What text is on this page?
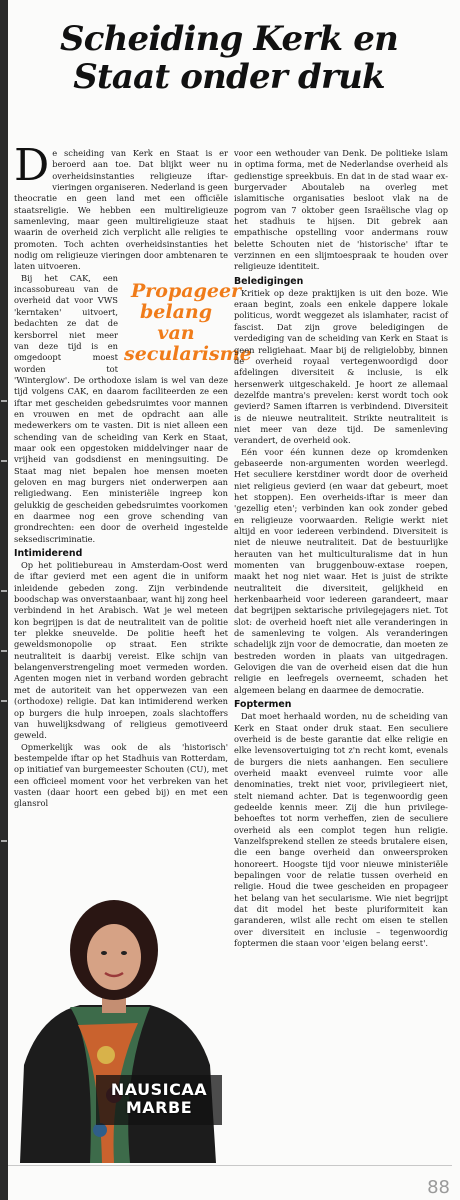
Scheiding Kerk en
Staat onder druk

De scheiding van Kerk en Staat is er beroerd aan toe. Dat blijkt weer nu overheidsinstanties religieuze iftar-vieringen organiseren. Nederland is geen theocratie en geen land met een officiële staatsreligie. We hebben een multireligieuze samenleving, maar geen multireligieuze staat waarin de overheid zich verplicht alle religies te promoten. Toch achten overheidsinstanties het nodig om religieuze vieringen door ambtenaren te laten uitvoeren.

Propageer belang van secularisme
Bij het CAK, een incassobureau van de overheid dat voor VWS 'kerntaken' uitvoert, bedachten ze dat de kersborrel niet meer van deze tijd is en omgedoopt moest worden tot 'Winterglow'. De orthodoxe islam is wel van deze tijd volgens CAK, en daarom faciliteerden ze een iftar met gescheiden gebedsruimtes voor mannen en vrouwen en met de opdracht aan alle medewerkers om te vasten. Dit is niet alleen een schending van de scheiding van Kerk en Staat, maar ook een opgestoken middelvinger naar de vrijheid van godsdienst en meningsuiting. De Staat mag niet bepalen hoe mensen moeten geloven en mag burgers niet onderwerpen aan religiedwang. Een ministeriële ingreep kon gelukkig de gescheiden gebedsruimtes voorkomen en daarmee nog een grove schending van grondrechten: een door de overheid ingestelde seksediscriminatie.

Intimiderend

Op het politiebureau in Amsterdam-Oost werd de iftar gevierd met een agent die in uniform inleidende gebeden zong. Zijn verbindende boodschap was onverstaanbaar, want hij zong heel verbindend in het Arabisch. Wat je wel meteen kon begrijpen is dat de neutraliteit van de politie ter plekke sneuvelde. De politie heeft het geweldsmonopolie op straat. Een strikte neutraliteit is daarbij vereist. Elke schijn van belangenverstrengeling moet vermeden worden. Agenten mogen niet in verband worden gebracht met de autoriteit van het opperwezen van een (orthodoxe) religie. Dat kan intimiderend werken op burgers die hulp inroepen, zoals slachtoffers van huwelijksdwang of religieus gemotiveerd geweld.

Opmerkelijk was ook de als 'historisch' bestempelde iftar op het Stadhuis van Rotterdam, op initiatief van burgemeester Schouten (CU), met een officieel moment voor het verbreken van het vasten (daar hoort een gebed bij) en met een glansrol

voor een wethouder van Denk. De politieke islam in optima forma, met de Nederlandse overheid als gedienstige spreekbuis. En dat in de stad waar ex-burgervader Aboutaleb na overleg met islamitische organisaties besloot vlak na de pogrom van 7 oktober geen Israëlische vlag op het stadhuis te hijsen. Dit gebrek aan empathische opstelling voor andermans rouw belette Schouten niet de 'historische' iftar te verzinnen en een slijmtoespraak te houden over religieuze identiteit.

Beledigingen

Kritiek op deze praktijken is uit den boze. Wie eraan begint, zoals een enkele dappere lokale politicus, wordt weggezet als islamhater, racist of fascist. Dat zijn grove beledigingen de verdediging van de scheiding van Kerk en Staat is geen religiehaat. Maar bij de religielobby, binnen de overheid royaal vertegenwoordigd door afdelingen diversiteit & inclusie, is elk hersenwerk uitgeschakeld. Je hoort ze allemaal dezelfde mantra's prevelen: kerst wordt toch ook gevierd? Samen iftarren is verbindend. Diversiteit is de nieuwe neutraliteit. Strikte neutraliteit is niet meer van deze tijd. De samenleving verandert, de overheid ook.

Eén voor één kunnen deze op kromdenken gebaseerde non-argumenten worden weerlegd. Het seculiere kerstdiner wordt door de overheid niet religieus gevierd (en waar dat gebeurt, moet het stoppen). Een overheids-iftar is meer dan 'gezellig eten'; verbinden kan ook zonder gebed en religieuze voorwaarden. Religie werkt niet altijd en voor iedereen verbindend. Diversiteit is niet de nieuwe neutraliteit. Dat de bestuurlijke herauten van het multiculturalisme dat in hun momenten van bruggenbouw-extase roepen, maakt het nog niet waar. Het is juist de strikte neutraliteit die diversiteit, gelijkheid en herkenbaarheid voor iedereen garandeert, maar dat begrijpen sektarische privilegejagers niet. Tot slot: de overheid hoeft niet alle veranderingen in de samenleving te volgen. Als veranderingen schadelijk zijn voor de democratie, dan moeten ze bestreden worden in plaats van uitgedragen. Gelovigen die van de overheid eisen dat die hun religie en leefregels overneemt, schaden het algemeen belang en daarmee de democratie.

Foptermen

Dat moet herhaald worden, nu de scheiding van Kerk en Staat onder druk staat. Een seculiere overheid is de beste garantie dat elke religie en elke levensovertuiging tot z'n recht komt, evenals de burgers die niets aanhangen. Een seculiere overheid maakt evenveel ruimte voor alle denominaties, trekt niet voor, privilegieert niet, stelt niemand achter. Dat is tegenwoordig geen gedeelde kennis meer. Zij die hun privilege-behoeftes tot norm verheffen, zien de seculiere overheid als een complot tegen hun religie. Vanzelfsprekend stellen ze steeds brutalere eisen, die een bange overheid dan onweersproken honoreert. Hoogste tijd voor nieuwe ministeriële bepalingen voor de relatie tussen overheid en religie. Houd die twee gescheiden en propageer het belang van het secularisme. Wie niet begrijpt dat dit model het beste pluriformiteit kan garanderen, wilst alle recht om eisen te stellen over diversiteit en inclusie – tegenwoordig foptermen die staan voor 'eigen belang eerst'.

NAUSICAA
MARBE
88
